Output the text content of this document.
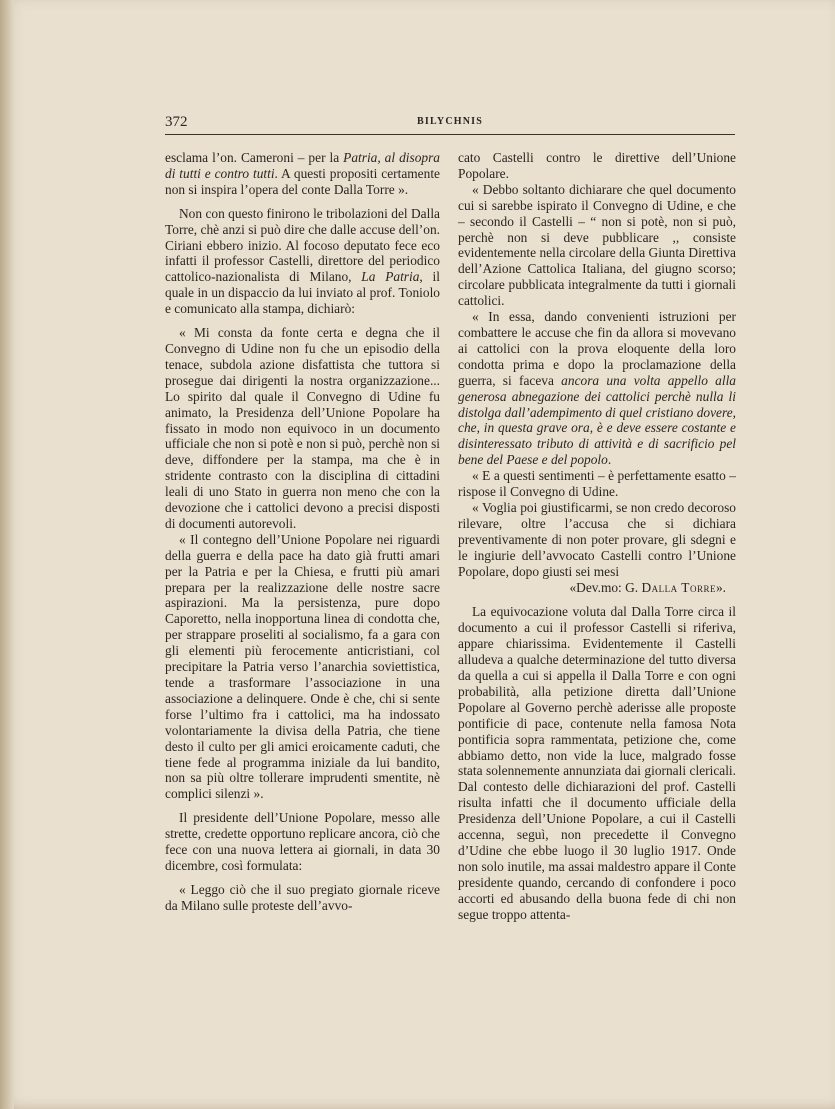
372	BILYCHNIS

esclama l’on. Cameroni – per la Patria, al disopra di tutti e contro tutti. A questi propositi certamente non si inspira l’opera del conte Dalla Torre ».

Non con questo finirono le tribolazioni del Dalla Torre, chè anzi si può dire che dalle accuse dell’on. Ciriani ebbero inizio. Al focoso deputato fece eco infatti il professor Castelli, direttore del periodico cattolico-nazionalista di Milano, La Patria, il quale in un dispaccio da lui inviato al prof. Toniolo e comunicato alla stampa, dichiarò:

« Mi consta da fonte certa e degna che il Convegno di Udine non fu che un episodio della tenace, subdola azione disfattista che tuttora si prosegue dai dirigenti la nostra organizzazione... Lo spirito dal quale il Convegno di Udine fu animato, la Presidenza dell’Unione Popolare ha fissato in modo non equivoco in un documento ufficiale che non si potè e non si può, perchè non si deve, diffondere per la stampa, ma che è in stridente contrasto con la disciplina di cittadini leali di uno Stato in guerra non meno che con la devozione che i cattolici devono a precisi disposti di documenti autorevoli.

« Il contegno dell’Unione Popolare nei riguardi della guerra e della pace ha dato già frutti amari per la Patria e per la Chiesa, e frutti più amari prepara per la realizzazione delle nostre sacre aspirazioni. Ma la persistenza, pure dopo Caporetto, nella inopportuna linea di condotta che, per strappare proseliti al socialismo, fa a gara con gli elementi più ferocemente anticristiani, col precipitare la Patria verso l’anarchia soviettistica, tende a trasformare l’associazione in una associazione a delinquere. Onde è che, chi si sente forse l’ultimo fra i cattolici, ma ha indossato volontariamente la divisa della Patria, che tiene desto il culto per gli amici eroicamente caduti, che tiene fede al programma iniziale da lui bandito, non sa più oltre tollerare imprudenti smentite, nè complici silenzi ».

Il presidente dell’Unione Popolare, messo alle strette, credette opportuno replicare ancora, ciò che fece con una nuova lettera ai giornali, in data 30 dicembre, così formulata:

« Leggo ciò che il suo pregiato giornale riceve da Milano sulle proteste dell’avvo-

cato Castelli contro le direttive dell’Unione Popolare.

« Debbo soltanto dichiarare che quel documento cui si sarebbe ispirato il Convegno di Udine, e che – secondo il Castelli – “ non si potè, non si può, perchè non si deve pubblicare ,, consiste evidentemente nella circolare della Giunta Direttiva dell’Azione Cattolica Italiana, del giugno scorso; circolare pubblicata integralmente da tutti i giornali cattolici.

« In essa, dando convenienti istruzioni per combattere le accuse che fin da allora si movevano ai cattolici con la prova eloquente della loro condotta prima e dopo la proclamazione della guerra, si faceva ancora una volta appello alla generosa abnegazione dei cattolici perchè nulla li distolga dall’adempimento di quel cristiano dovere, che, in questa grave ora, è e deve essere costante e disinteressato tributo di attività e di sacrificio pel bene del Paese e del popolo.

« E a questi sentimenti – è perfettamente esatto – rispose il Convegno di Udine.

« Voglia poi giustificarmi, se non credo decoroso rilevare, oltre l’accusa che si dichiara preventivamente di non poter provare, gli sdegni e le ingiurie dell’avvocato Castelli contro l’Unione Popolare, dopo giusti sei mesi

«Dev.mo: G. Dalla Torre».

La equivocazione voluta dal Dalla Torre circa il documento a cui il professor Castelli si riferiva, appare chiarissima. Evidentemente il Castelli alludeva a qualche determinazione del tutto diversa da quella a cui si appella il Dalla Torre e con ogni probabilità, alla petizione diretta dall’Unione Popolare al Governo perchè aderisse alle proposte pontificie di pace, contenute nella famosa Nota pontificia sopra rammentata, petizione che, come abbiamo detto, non vide la luce, malgrado fosse stata solennemente annunziata dai giornali clericali. Dal contesto delle dichiarazioni del prof. Castelli risulta infatti che il documento ufficiale della Presidenza dell’Unione Popolare, a cui il Castelli accenna, seguì, non precedette il Convegno d’Udine che ebbe luogo il 30 luglio 1917. Onde non solo inutile, ma assai maldestro appare il Conte presidente quando, cercando di confondere i poco accorti ed abusando della buona fede di chi non segue troppo attenta-
